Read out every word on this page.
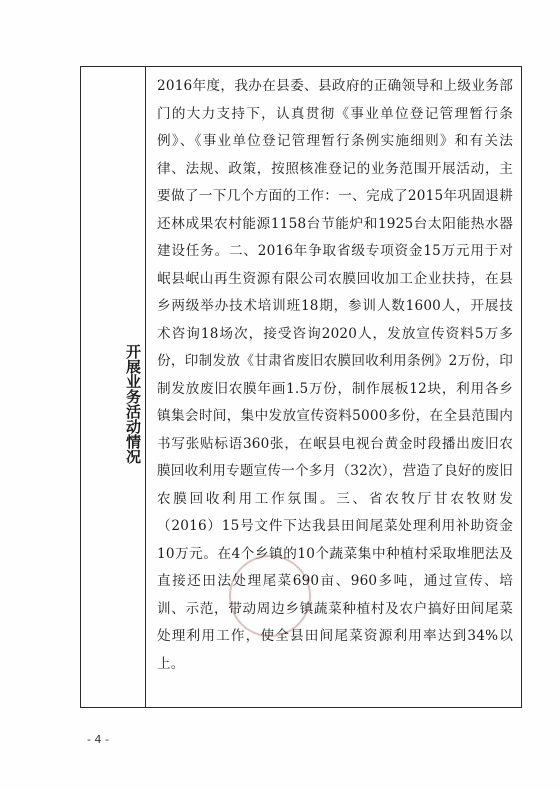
开展业务活动情况

2016年度，我办在县委、县政府的正确领导和上级业务部门的大力支持下，认真贯彻《事业单位登记管理暂行条例》、《事业单位登记管理暂行条例实施细则》和有关法律、法规、政策，按照核准登记的业务范围开展活动，主要做了一下几个方面的工作：一、完成了2015年巩固退耕还林成果农村能源1158台节能炉和1925台太阳能热水器建设任务。二、2016年争取省级专项资金15万元用于对岷县岷山再生资源有限公司农膜回收加工企业扶持，在县乡两级举办技术培训班18期，参训人数1600人，开展技术咨询18场次，接受咨询2020人，发放宣传资料5万多份，印制发放《甘肃省废旧农膜回收利用条例》2万份，印制发放废旧农膜年画1.5万份，制作展板12块，利用各乡镇集会时间，集中发放宣传资料5000多份，在全县范围内书写张贴标语360张，在岷县电视台黄金时段播出废旧农膜回收利用专题宣传一个多月（32次），营造了良好的废旧农膜回收利用工作氛围。三、省农牧厅甘农牧财发（2016）15号文件下达我县田间尾菜处理利用补助资金10万元。在4个乡镇的10个蔬菜集中种植村采取堆肥法及直接还田法处理尾菜690亩、960多吨，通过宣传、培训、示范，带动周边乡镇蔬菜种植村及农户搞好田间尾菜处理利用工作，使全县田间尾菜资源利用率达到34%以上。

- 4 -
